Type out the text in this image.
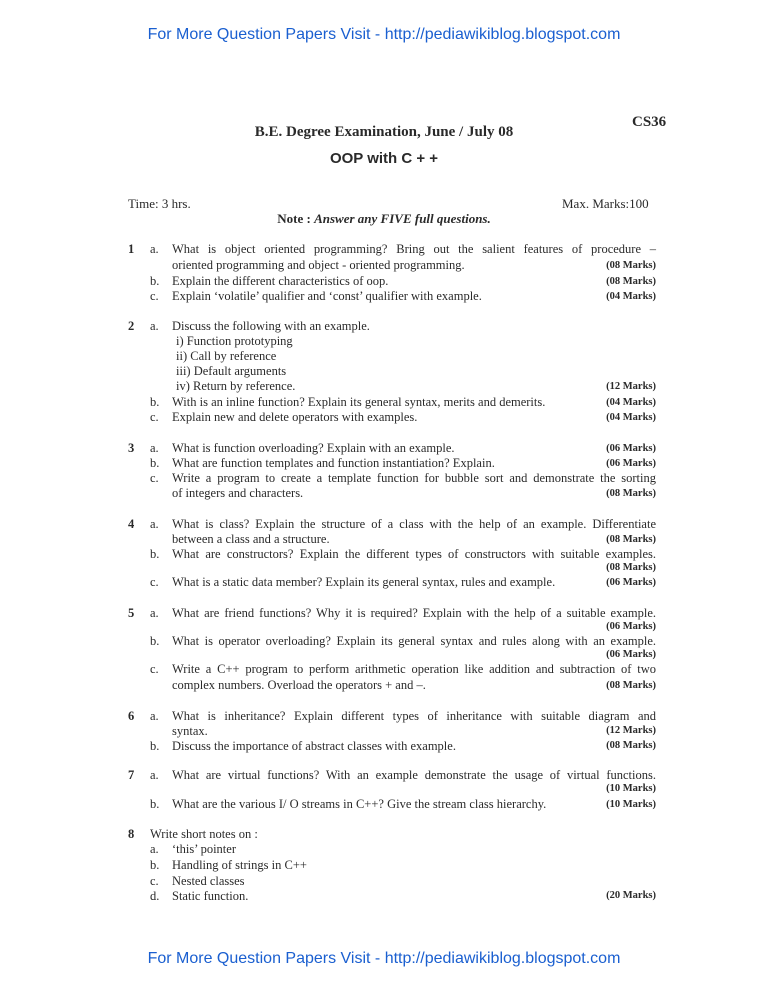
For More Question Papers Visit - http://pediawikiblog.blogspot.com
CS36
B.E. Degree Examination, June / July 08
OOP with C + +
Time: 3 hrs.	Max. Marks:100
Note : Answer any FIVE full questions.
1 a. What is object oriented programming? Bring out the salient features of procedure –
oriented programming and object - oriented programming.	(08 Marks)
b. Explain the different characteristics of oop.	(08 Marks)
c. Explain ‘volatile’ qualifier and ‘const’ qualifier with example.	(04 Marks)
2 a. Discuss the following with an example.
i) Function prototyping
ii) Call by reference
iii) Default arguments
iv) Return by reference.	(12 Marks)
b. With is an inline function? Explain its general syntax, merits and demerits.	(04 Marks)
c. Explain new and delete operators with examples.	(04 Marks)
3 a. What is function overloading? Explain with an example.	(06 Marks)
b. What are function templates and function instantiation? Explain.	(06 Marks)
c. Write a program to create a template function for bubble sort and demonstrate the sorting
of integers and characters.	(08 Marks)
4 a. What is class? Explain the structure of a class with the help of an example. Differentiate
between a class and a structure.	(08 Marks)
b. What are constructors? Explain the different types of constructors with suitable examples.
(08 Marks)
c. What is a static data member? Explain its general syntax, rules and example.	(06 Marks)
5 a. What are friend functions? Why it is required? Explain with the help of a suitable example.
(06 Marks)
b. What is operator overloading? Explain its general syntax and rules along with an example.
(06 Marks)
c. Write a C++ program to perform arithmetic operation like addition and subtraction of two
complex numbers. Overload the operators + and –.	(08 Marks)
6 a. What is inheritance? Explain different types of inheritance with suitable diagram and
syntax.	(12 Marks)
b. Discuss the importance of abstract classes with example.	(08 Marks)
7 a. What are virtual functions? With an example demonstrate the usage of virtual functions.
(10 Marks)
b. What are the various I/ O streams in C++? Give the stream class hierarchy.	(10 Marks)
8 Write short notes on :
a. ‘this’ pointer
b. Handling of strings in C++
c. Nested classes
d. Static function.	(20 Marks)
For More Question Papers Visit - http://pediawikiblog.blogspot.com
